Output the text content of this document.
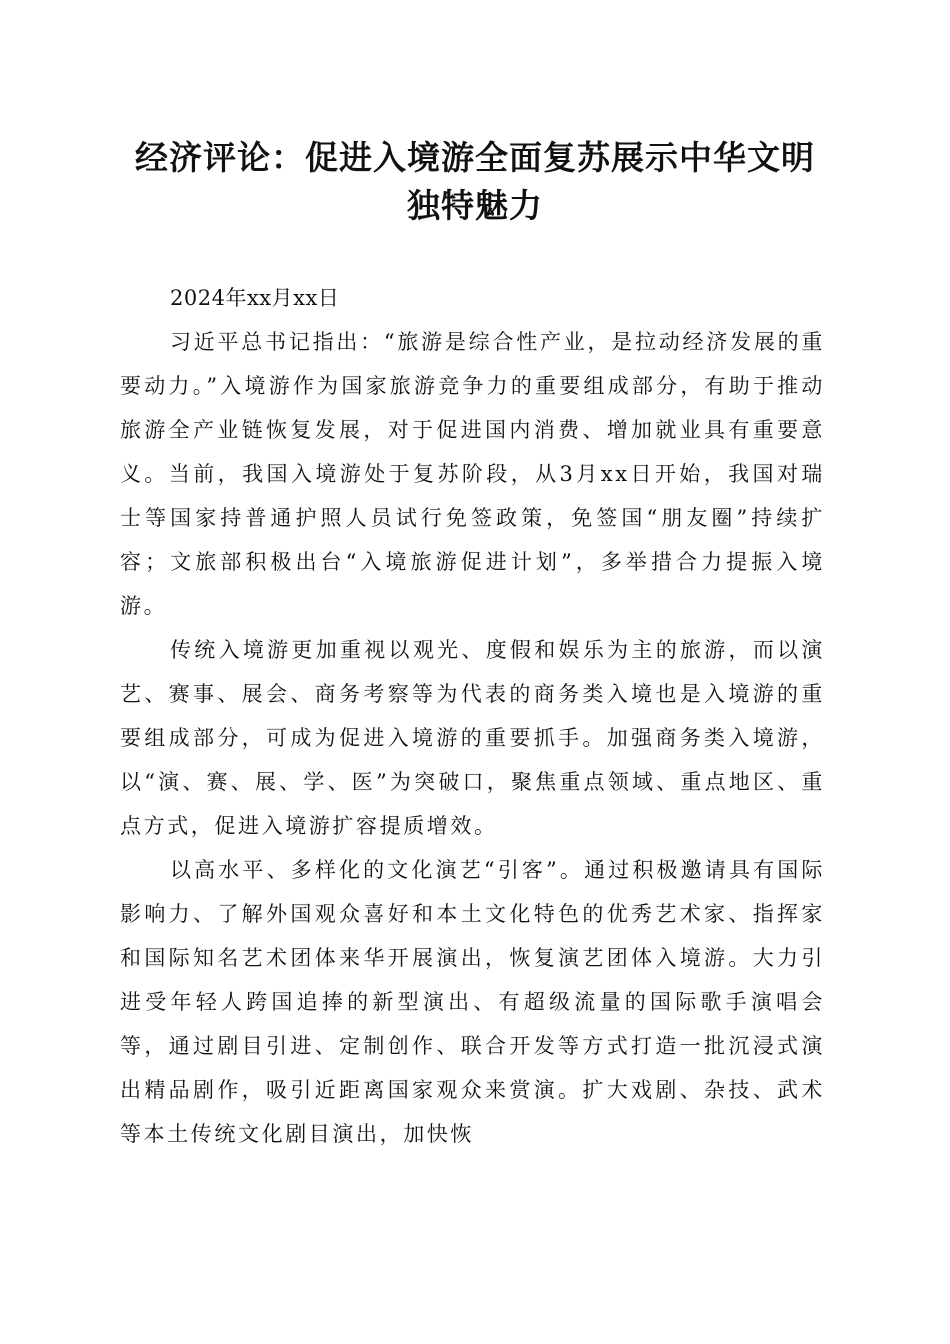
经济评论：促进入境游全面复苏展示中华文明
独特魅力
2024年xx月xx日

习近平总书记指出：“旅游是综合性产业，是拉动经济发展的重要动力。”入境游作为国家旅游竞争力的重要组成部分，有助于推动旅游全产业链恢复发展，对于促进国内消费、增加就业具有重要意义。当前，我国入境游处于复苏阶段，从3月xx日开始，我国对瑞士等国家持普通护照人员试行免签政策，免签国“朋友圈”持续扩容；文旅部积极出台“入境旅游促进计划”，多举措合力提振入境游。

传统入境游更加重视以观光、度假和娱乐为主的旅游，而以演艺、赛事、展会、商务考察等为代表的商务类入境也是入境游的重要组成部分，可成为促进入境游的重要抓手。加强商务类入境游，以“演、赛、展、学、医”为突破口，聚焦重点领域、重点地区、重点方式，促进入境游扩容提质增效。

以高水平、多样化的文化演艺“引客”。通过积极邀请具有国际影响力、了解外国观众喜好和本土文化特色的优秀艺术家、指挥家和国际知名艺术团体来华开展演出，恢复演艺团体入境游。大力引进受年轻人跨国追捧的新型演出、有超级流量的国际歌手演唱会等，通过剧目引进、定制创作、联合开发等方式打造一批沉浸式演出精品剧作，吸引近距离国家观众来赏演。扩大戏剧、杂技、武术等本土传统文化剧目演出，加快恢
